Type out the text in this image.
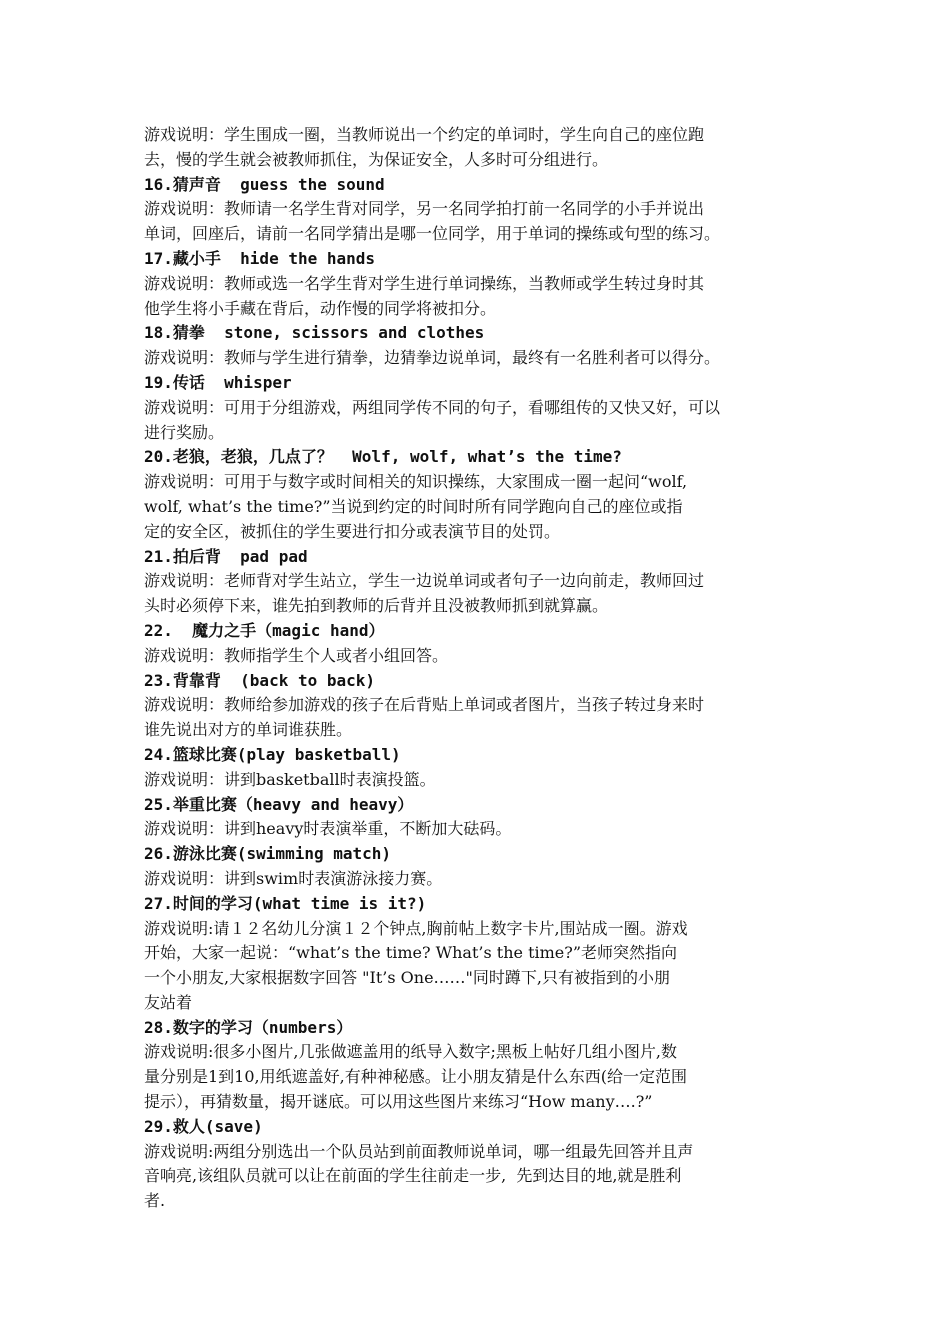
游戏说明：学生围成一圈，当教师说出一个约定的单词时，学生向自己的座位跑
去，慢的学生就会被教师抓住，为保证安全，人多时可分组进行。
16.猜声音  guess the sound
游戏说明：教师请一名学生背对同学，另一名同学拍打前一名同学的小手并说出
单词，回座后，请前一名同学猜出是哪一位同学，用于单词的操练或句型的练习。
17.藏小手  hide the hands
游戏说明：教师或选一名学生背对学生进行单词操练，当教师或学生转过身时其
他学生将小手藏在背后，动作慢的同学将被扣分。
18.猜拳  stone, scissors and clothes
游戏说明：教师与学生进行猜拳，边猜拳边说单词，最终有一名胜利者可以得分。
19.传话  whisper
游戏说明：可用于分组游戏，两组同学传不同的句子，看哪组传的又快又好，可以
进行奖励。
20.老狼，老狼，几点了？  Wolf, wolf, what’s the time?
游戏说明：可用于与数字或时间相关的知识操练，大家围成一圈一起问“wolf,
wolf, what’s the time?”当说到约定的时间时所有同学跑向自己的座位或指
定的安全区，被抓住的学生要进行扣分或表演节目的处罚。
21.拍后背  pad pad
游戏说明：老师背对学生站立，学生一边说单词或者句子一边向前走，教师回过
头时必须停下来，谁先拍到教师的后背并且没被教师抓到就算赢。
22.  魔力之手（magic hand）
游戏说明：教师指学生个人或者小组回答。
23.背靠背  (back to back)
游戏说明：教师给参加游戏的孩子在后背贴上单词或者图片，当孩子转过身来时
谁先说出对方的单词谁获胜。
24.篮球比赛(play basketball)
游戏说明：讲到basketball时表演投篮。
25.举重比赛（heavy and heavy）
游戏说明：讲到heavy时表演举重，不断加大砝码。
26.游泳比赛(swimming match)
游戏说明：讲到swim时表演游泳接力赛。
27.时间的学习(what time is it?)
游戏说明:请１２名幼儿分演１２个钟点,胸前帖上数字卡片,围站成一圈。游戏
开始，大家一起说：“what’s the time? What’s the time?”老师突然指向
一个小朋友,大家根据数字回答 "It’s One……"同时蹲下,只有被指到的小朋
友站着
28.数字的学习（numbers）
游戏说明:很多小图片,几张做遮盖用的纸导入数字;黑板上帖好几组小图片,数
量分别是1到10,用纸遮盖好,有种神秘感。让小朋友猜是什么东西(给一定范围
提示），再猜数量，揭开谜底。可以用这些图片来练习“How many….?”
29.救人(save)
游戏说明:两组分别选出一个队员站到前面教师说单词，哪一组最先回答并且声
音响亮,该组队员就可以让在前面的学生往前走一步,  先到达目的地,就是胜利
者.
